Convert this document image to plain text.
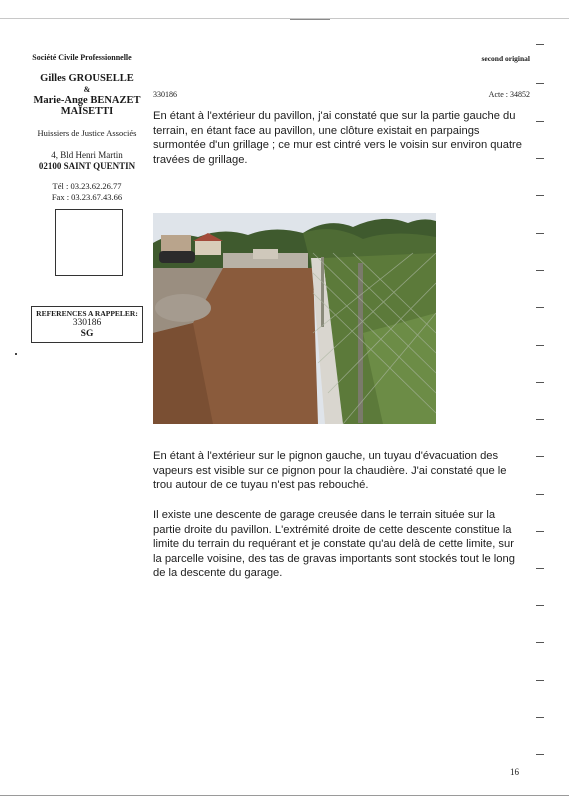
Société Civile Professionnelle
Gilles GROUSELLE
&
Marie-Ange BENAZET
MAÏSETTI
Huissiers de Justice Associés
4, Bld Henri Martin
02100 SAINT QUENTIN
Tél : 03.23.62.26.77
Fax : 03.23.67.43.66
REFERENCES A RAPPELER:
330186
SG
second original
330186	Acte : 34852
En étant à l'extérieur du pavillon, j'ai constaté que sur la partie gauche du terrain, en étant face au pavillon, une clôture existait en parpaings surmontée d'un grillage ; ce mur est cintré vers le voisin sur environ quatre travées de grillage.
En étant à l'extérieur sur le pignon gauche, un tuyau d'évacuation des vapeurs est visible sur ce pignon pour la chaudière. J'ai constaté que le trou autour de ce tuyau n'est pas rebouché.
Il existe une descente de garage creusée dans le terrain située sur la partie droite du pavillon. L'extrémité droite de cette descente constitue la limite du terrain du requérant et je constate qu'au delà de cette limite, sur la parcelle voisine, des tas de gravas importants sont stockés tout le long de la descente du garage.
16
